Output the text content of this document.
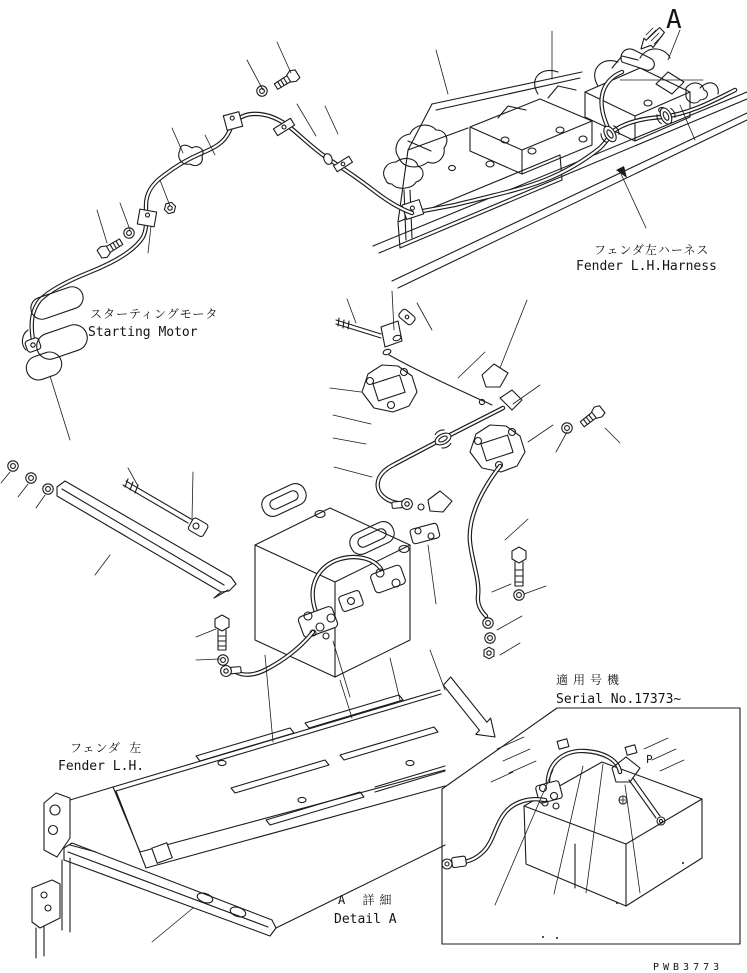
A
フェンダ左ハーネス
Fender L.H.Harness
スターティングモータ
Starting Motor
フェンダ 左
Fender L.H.
適用号機
Serial No.17373~
A 詳細
Detail A
P
PWB3773
